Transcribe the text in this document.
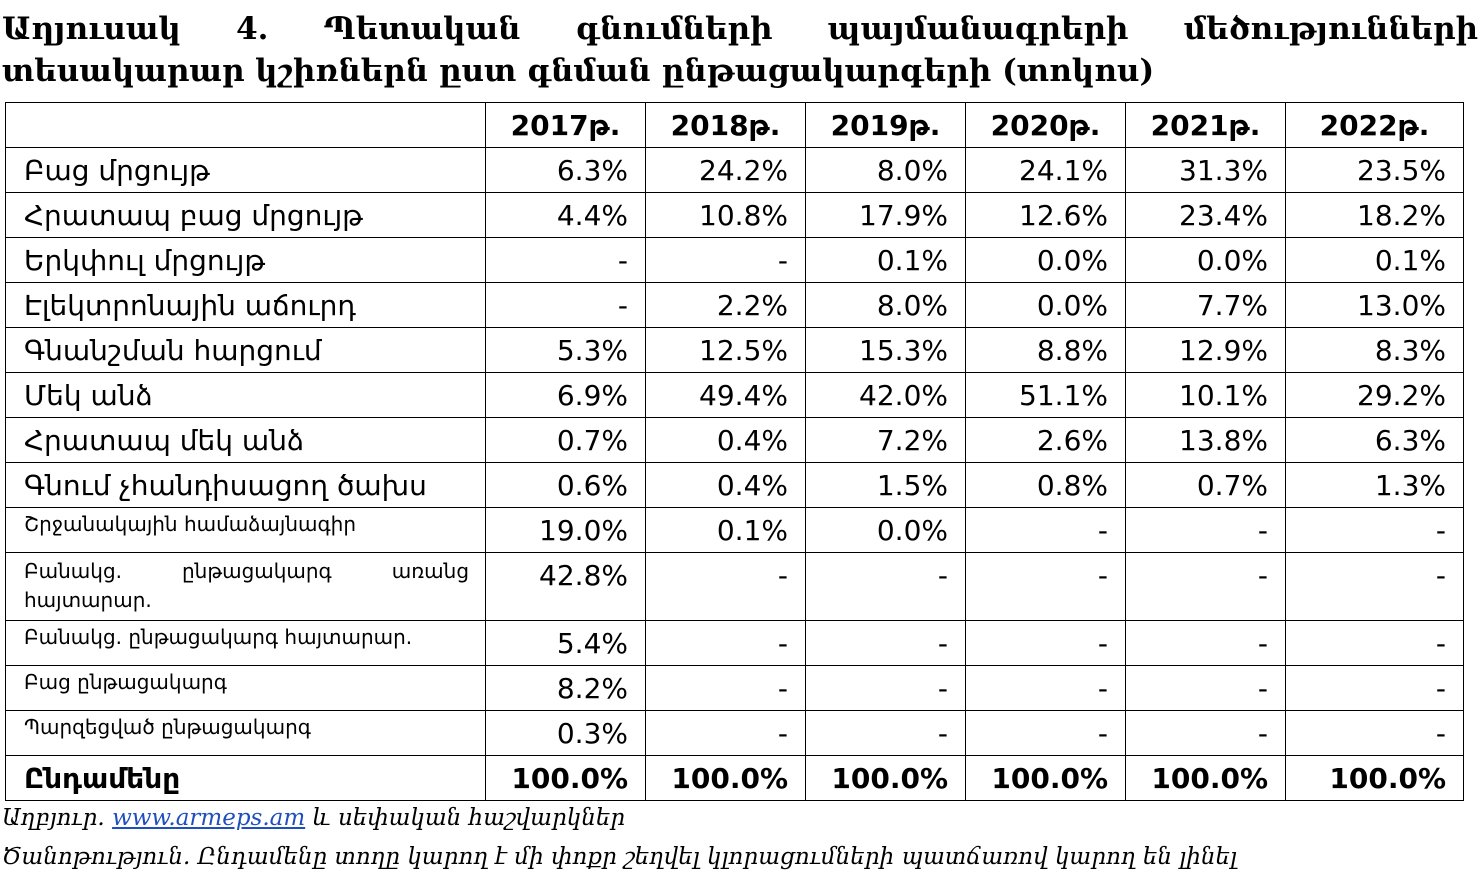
Աղյուսակ 4. Պետական գնումների պայմանագրերի մեծությունների տեսակարար կշիռներն ըստ գնման ընթացակարգերի (տոկոս)
	2017թ.	2018թ.	2019թ.	2020թ.	2021թ.	2022թ.
Բաց մրցույթ	6.3%	24.2%	8.0%	24.1%	31.3%	23.5%
Հրատապ բաց մրցույթ	4.4%	10.8%	17.9%	12.6%	23.4%	18.2%
Երկփուլ մրցույթ	-	-	0.1%	0.0%	0.0%	0.1%
Էլեկտրոնային աճուրդ	-	2.2%	8.0%	0.0%	7.7%	13.0%
Գնանշման հարցում	5.3%	12.5%	15.3%	8.8%	12.9%	8.3%
Մեկ անձ	6.9%	49.4%	42.0%	51.1%	10.1%	29.2%
Հրատապ մեկ անձ	0.7%	0.4%	7.2%	2.6%	13.8%	6.3%
Գնում չհանդիսացող ծախս	0.6%	0.4%	1.5%	0.8%	0.7%	1.3%
Շրջանակային համաձայնագիր	19.0%	0.1%	0.0%	-	-	-
Բանակց. ընթացակարգ առանց հայտարար.	42.8%	-	-	-	-	-
Բանակց. ընթացակարգ հայտարար.	5.4%	-	-	-	-	-
Բաց ընթացակարգ	8.2%	-	-	-	-	-
Պարզեցված ընթացակարգ	0.3%	-	-	-	-	-
Ընդամենը	100.0%	100.0%	100.0%	100.0%	100.0%	100.0%
Աղբյուր. www.armeps.am և սեփական հաշվարկներ
Ծանոթություն. Ընդամենը տողը կարող է մի փոքր շեղվել կլորացումների պատճառով կարող են լինել
